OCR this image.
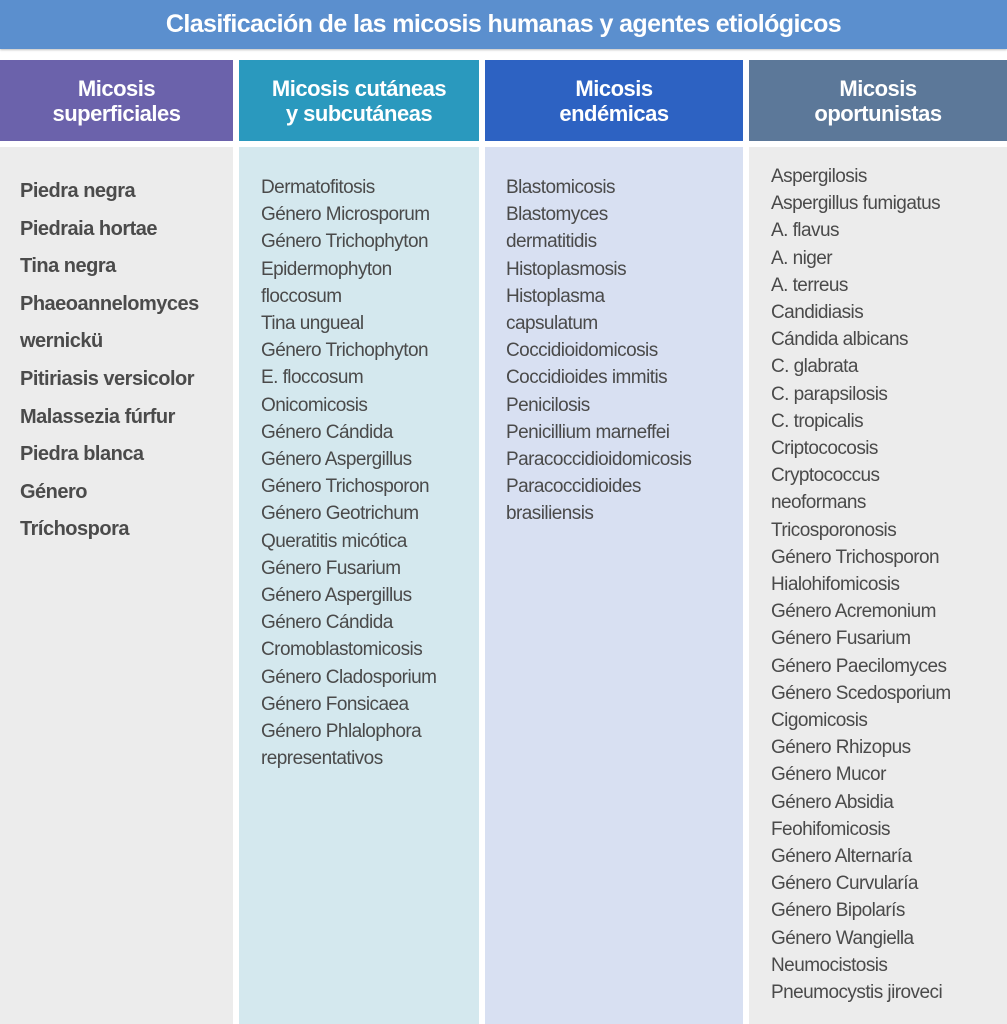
Clasificación de las micosis humanas y agentes etiológicos
Micosis
superficiales
Micosis cutáneas
y subcutáneas
Micosis
endémicas
Micosis
oportunistas
Piedra negra
Piedraia hortae
Tina negra
Phaeoannelomyces
wernickü
Pitiriasis versicolor
Malassezia fúrfur
Piedra blanca
Género
Tríchospora
Dermatofitosis
Género Microsporum
Género Trichophyton
Epidermophyton
floccosum
Tina ungueal
Género Trichophyton
E. floccosum
Onicomicosis
Género Cándida
Género Aspergillus
Género Trichosporon
Género Geotrichum
Queratitis micótica
Género Fusarium
Género Aspergillus
Género Cándida
Cromoblastomicosis
Género Cladosporium
Género Fonsicaea
Género Phlalophora
representativos
Blastomicosis
Blastomyces
dermatitidis
Histoplasmosis
Histoplasma
capsulatum
Coccidioidomicosis
Coccidioides immitis
Penicilosis
Penicillium marneffei
Paracoccidioidomicosis
Paracoccidioides
brasiliensis
Aspergilosis
Aspergillus fumigatus
A. flavus
A. niger
A. terreus
Candidiasis
Cándida albicans
C. glabrata
C. parapsilosis
C. tropicalis
Criptococosis
Cryptococcus
neoformans
Tricosporonosis
Género Trichosporon
Hialohifomicosis
Género Acremonium
Género Fusarium
Género Paecilomyces
Género Scedosporium
Cigomicosis
Género Rhizopus
Género Mucor
Género Absidia
Feohifomicosis
Género Alternaría
Género Curvularía
Género Bipolarís
Género Wangiella
Neumocistosis
Pneumocystis jiroveci
